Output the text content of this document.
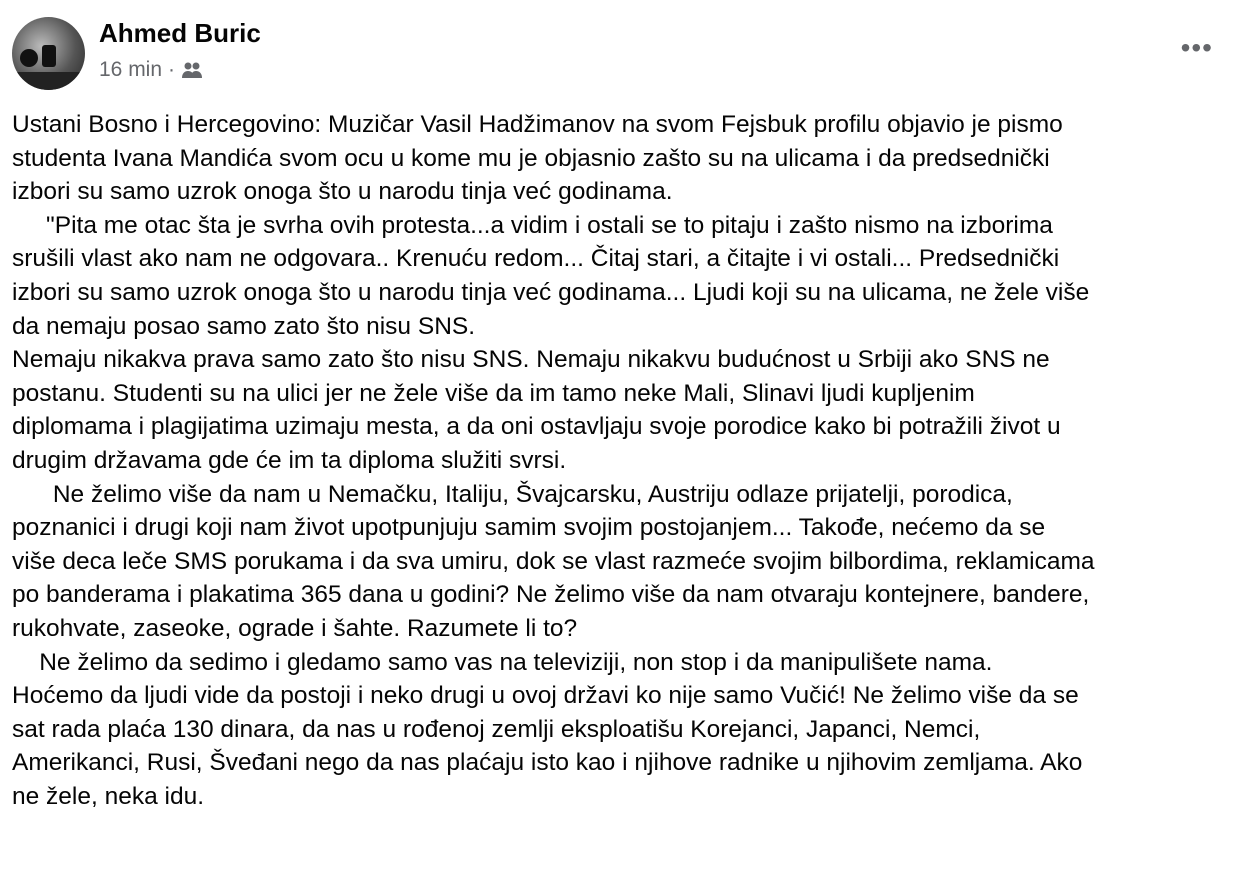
Ahmed Buric
16 min ·
•••
Ustani Bosno i Hercegovino: Muzičar Vasil Hadžimanov na svom Fejsbuk profilu objavio je pismo
studenta Ivana Mandića svom ocu u kome mu je objasnio zašto su na ulicama i da predsednički
izbori su samo uzrok onoga što u narodu tinja već godinama.
"Pita me otac šta je svrha ovih protesta...a vidim i ostali se to pitaju i zašto nismo na izborima
srušili vlast ako nam ne odgovara.. Krenuću redom... Čitaj stari, a čitajte i vi ostali... Predsednički
izbori su samo uzrok onoga što u narodu tinja već godinama... Ljudi koji su na ulicama, ne žele više
da nemaju posao samo zato što nisu SNS.
Nemaju nikakva prava samo zato što nisu SNS. Nemaju nikakvu budućnost u Srbiji ako SNS ne
postanu. Studenti su na ulici jer ne žele više da im tamo neke Mali, Slinavi ljudi kupljenim
diplomama i plagijatima uzimaju mesta, a da oni ostavljaju svoje porodice kako bi potražili život u
drugim državama gde će im ta diploma služiti svrsi.
Ne želimo više da nam u Nemačku, Italiju, Švajcarsku, Austriju odlaze prijatelji, porodica,
poznanici i drugi koji nam život upotpunjuju samim svojim postojanjem... Takođe, nećemo da se
više deca leče SMS porukama i da sva umiru, dok se vlast razmeće svojim bilbordima, reklamicama
po banderama i plakatima 365 dana u godini? Ne želimo više da nam otvaraju kontejnere, bandere,
rukohvate, zaseoke, ograde i šahte. Razumete li to?
Ne želimo da sedimo i gledamo samo vas na televiziji, non stop i da manipulišete nama.
Hoćemo da ljudi vide da postoji i neko drugi u ovoj državi ko nije samo Vučić! Ne želimo više da se
sat rada plaća 130 dinara, da nas u rođenoj zemlji eksploatišu Korejanci, Japanci, Nemci,
Amerikanci, Rusi, Šveđani nego da nas plaćaju isto kao i njihove radnike u njihovim zemljama. Ako
ne žele, neka idu.
